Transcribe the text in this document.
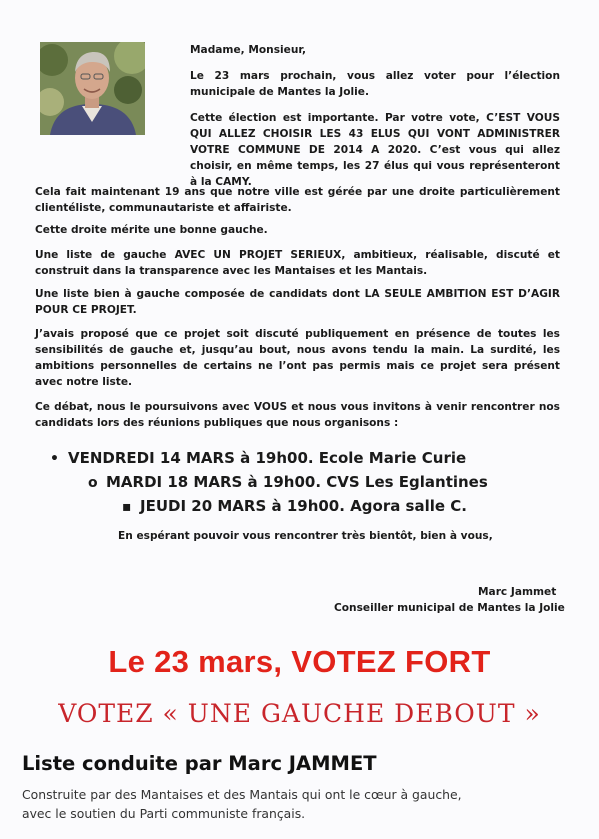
Madame, Monsieur,

Le 23 mars prochain, vous allez voter pour l’élection municipale de Mantes la Jolie.

Cette élection est importante. Par votre vote, C’EST VOUS QUI ALLEZ CHOISIR LES 43 ELUS QUI VONT ADMINISTRER VOTRE COMMUNE DE 2014 A 2020. C’est vous qui allez choisir, en même temps, les 27 élus qui vous représenteront à la CAMY.

Cela fait maintenant 19 ans que notre ville est gérée par une droite particulièrement clientéliste, communautariste et affairiste.

Cette droite mérite une bonne gauche.

Une liste de gauche AVEC UN PROJET SERIEUX, ambitieux, réalisable, discuté et construit dans la transparence avec les Mantaises et les Mantais.

Une liste bien à gauche composée de candidats dont LA SEULE AMBITION EST D’AGIR POUR CE PROJET.

J’avais proposé que ce projet soit discuté publiquement en présence de toutes les sensibilités de gauche et, jusqu’au bout, nous avons tendu la main. La surdité, les ambitions personnelles de certains ne l’ont pas permis mais ce projet sera présent avec notre liste.

Ce débat, nous le poursuivons avec VOUS et nous vous invitons à venir rencontrer nos candidats lors des réunions publiques que nous organisons :

• VENDREDI 14 MARS à 19h00. Ecole Marie Curie
o MARDI 18 MARS à 19h00. CVS Les Eglantines
▪ JEUDI 20 MARS à 19h00. Agora salle C.
En espérant pouvoir vous rencontrer très bientôt, bien à vous,
Marc Jammet
Conseiller municipal de Mantes la Jolie
Le 23 mars, VOTEZ FORT
VOTEZ « UNE GAUCHE DEBOUT »
Liste conduite par Marc JAMMET
Construite par des Mantaises et des Mantais qui ont le cœur à gauche,
avec le soutien du Parti communiste français.
